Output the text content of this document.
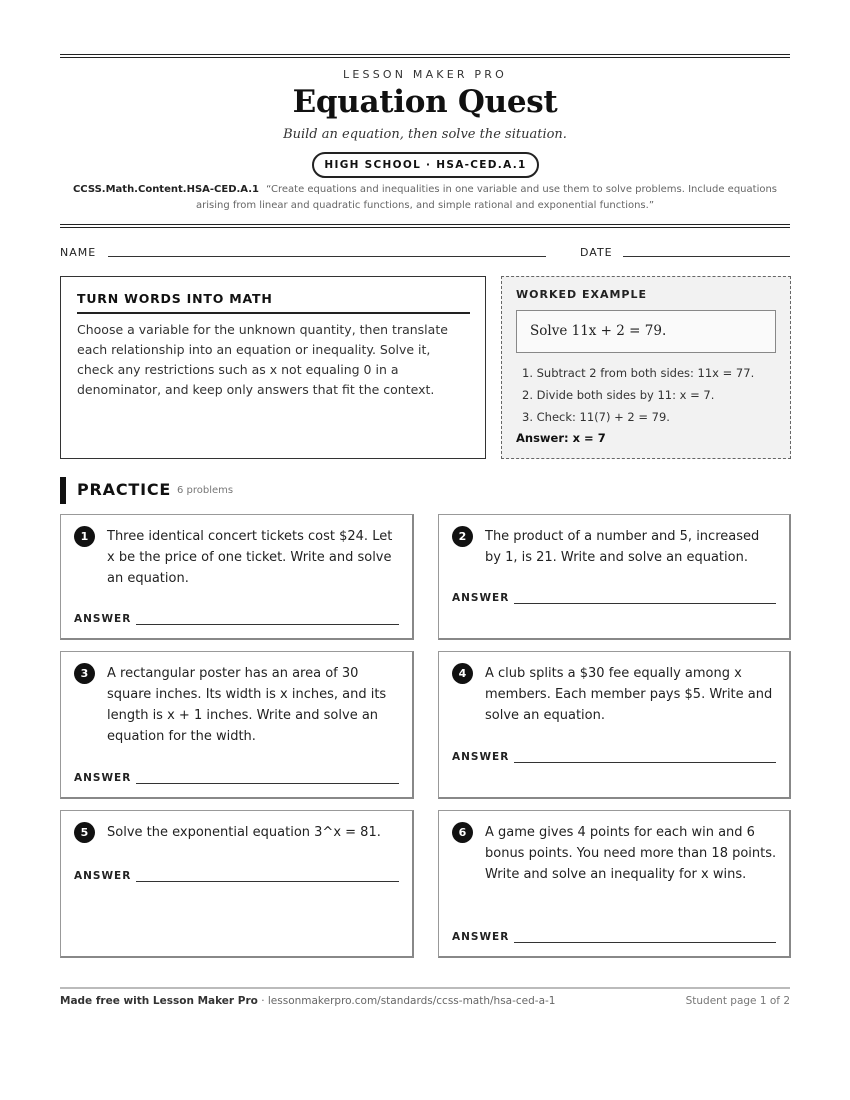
LESSON MAKER PRO
Equation Quest
Build an equation, then solve the situation.
HIGH SCHOOL · HSA-CED.A.1
CCSS.Math.Content.HSA-CED.A.1 “Create equations and inequalities in one variable and use them to solve problems. Include equations arising from linear and quadratic functions, and simple rational and exponential functions.”
NAME	DATE
TURN WORDS INTO MATH
Choose a variable for the unknown quantity, then translate each relationship into an equation or inequality. Solve it, check any restrictions such as x not equaling 0 in a denominator, and keep only answers that fit the context.
WORKED EXAMPLE
Solve 11x + 2 = 79.
1. Subtract 2 from both sides: 11x = 77.
2. Divide both sides by 11: x = 7.
3. Check: 11(7) + 2 = 79.
Answer: x = 7
PRACTICE 6 problems
1	Three identical concert tickets cost $24. Let x be the price of one ticket. Write and solve an equation.
ANSWER
2	The product of a number and 5, increased by 1, is 21. Write and solve an equation.
ANSWER
3	A rectangular poster has an area of 30 square inches. Its width is x inches, and its length is x + 1 inches. Write and solve an equation for the width.
ANSWER
4	A club splits a $30 fee equally among x members. Each member pays $5. Write and solve an equation.
ANSWER
5	Solve the exponential equation 3^x = 81.
ANSWER
6	A game gives 4 points for each win and 6 bonus points. You need more than 18 points. Write and solve an inequality for x wins.
ANSWER
Made free with Lesson Maker Pro · lessonmakerpro.com/standards/ccss-math/hsa-ced-a-1	Student page 1 of 2
